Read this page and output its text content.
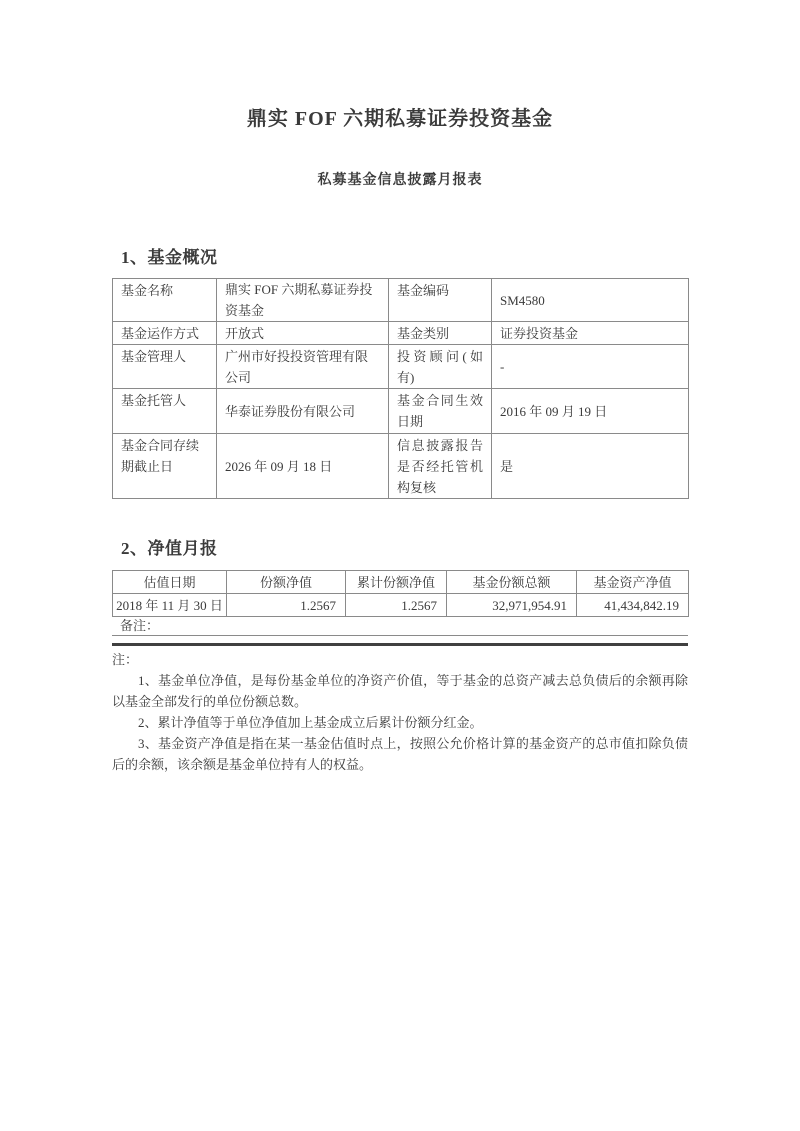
鼎实 FOF 六期私募证券投资基金
私募基金信息披露月报表
1、基金概况
基金名称	鼎实 FOF 六期私募证券投资基金	基金编码	SM4580
基金运作方式	开放式	基金类别	证券投资基金
基金管理人	广州市好投投资管理有限公司	投资顾问(如有)	-
基金托管人	华泰证券股份有限公司	基金合同生效日期	2016 年 09 月 19 日
基金合同存续期截止日	2026 年 09 月 18 日	信息披露报告是否经托管机构复核	是
2、净值月报
估值日期	份额净值	累计份额净值	基金份额总额	基金资产净值
2018 年 11 月 30 日	1.2567	1.2567	32,971,954.91	41,434,842.19
备注：

注：

1、基金单位净值，是每份基金单位的净资产价值，等于基金的总资产减去总负债后的余额再除以基金全部发行的单位份额总数。

2、累计净值等于单位净值加上基金成立后累计份额分红金。

3、基金资产净值是指在某一基金估值时点上，按照公允价格计算的基金资产的总市值扣除负债后的余额，该余额是基金单位持有人的权益。
